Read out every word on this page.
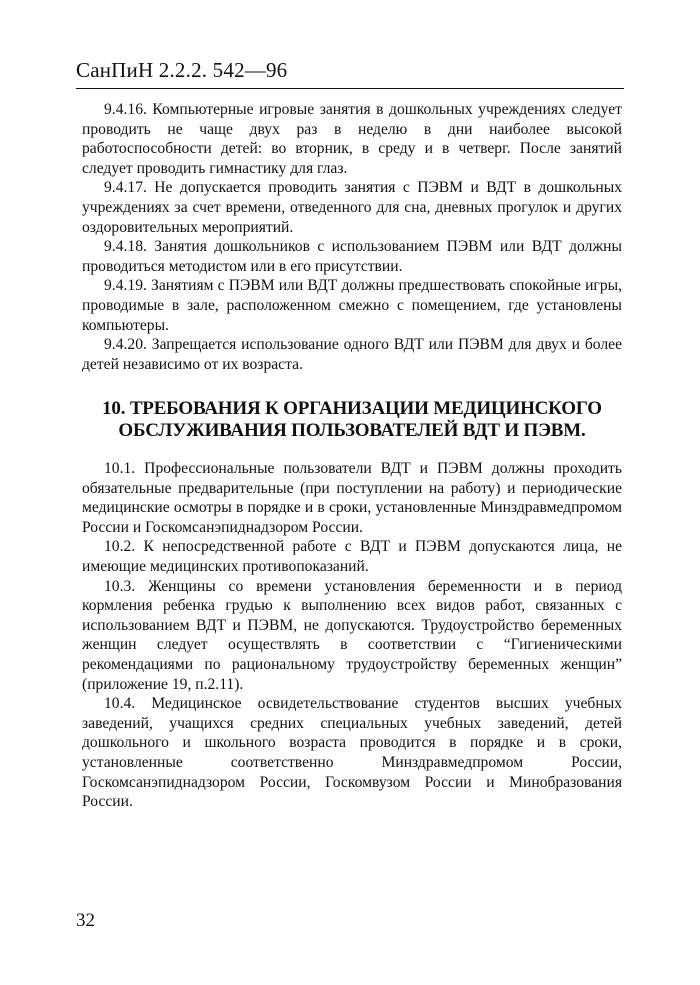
СанПиН 2.2.2. 542—96

9.4.16. Компьютерные игровые занятия в дошкольных учреждениях следует проводить не чаще двух раз в неделю в дни наиболее высокой работоспособности детей: во вторник, в среду и в четверг. После занятий следует проводить гимнастику для глаз.

9.4.17. Не допускается проводить занятия с ПЭВМ и ВДТ в дошкольных учреждениях за счет времени, отведенного для сна, дневных прогулок и других оздоровительных мероприятий.

9.4.18. Занятия дошкольников с использованием ПЭВМ или ВДТ должны проводиться методистом или в его присутствии.

9.4.19. Занятиям с ПЭВМ или ВДТ должны предшествовать спокойные игры, проводимые в зале, расположенном смежно с помещением, где установлены компьютеры.

9.4.20. Запрещается использование одного ВДТ или ПЭВМ для двух и более детей независимо от их возраста.

10. ТРЕБОВАНИЯ К ОРГАНИЗАЦИИ МЕДИЦИНСКОГО ОБСЛУЖИВАНИЯ ПОЛЬЗОВАТЕЛЕЙ ВДТ И ПЭВМ.

10.1. Профессиональные пользователи ВДТ и ПЭВМ должны проходить обязательные предварительные (при поступлении на работу) и периодические медицинские осмотры в порядке и в сроки, установленные Минздравмедпромом России и Госкомсанэпиднадзором России.

10.2. К непосредственной работе с ВДТ и ПЭВМ допускаются лица, не имеющие медицинских противопоказаний.

10.3. Женщины со времени установления беременности и в период кормления ребенка грудью к выполнению всех видов работ, связанных с использованием ВДТ и ПЭВМ, не допускаются. Трудоустройство беременных женщин следует осуществлять в соответствии с “Гигиеническими рекомендациями по рациональному трудоустройству беременных женщин” (приложение 19, п.2.11).

10.4. Медицинское освидетельствование студентов высших учебных заведений, учащихся средних специальных учебных заведений, детей дошкольного и школьного возраста проводится в порядке и в сроки, установленные соответственно Минздравмедпромом России, Госкомсанэпиднадзором России, Госкомвузом России и Минобразования России.

32
